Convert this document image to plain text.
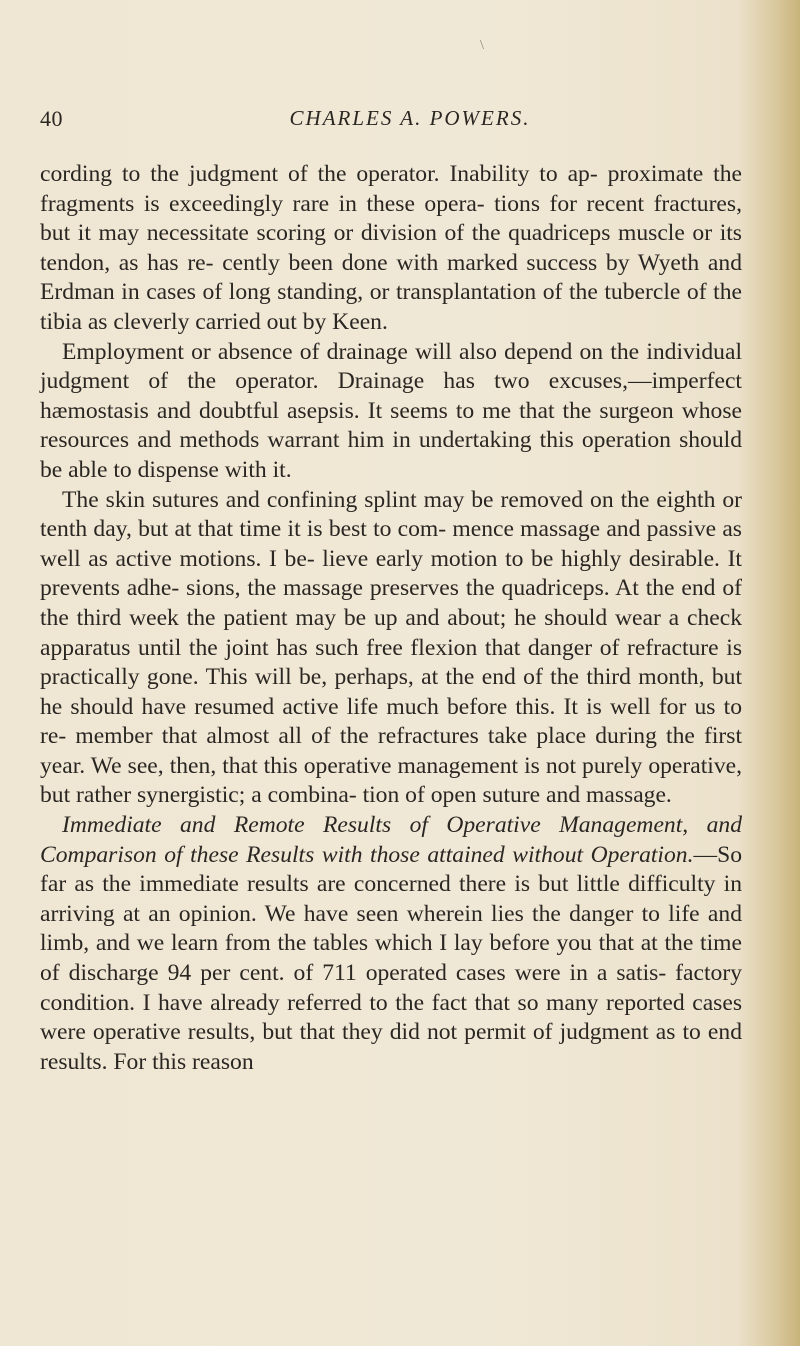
\
40	CHARLES A. POWERS.

cording to the judgment of the operator. Inability to ap- proximate the fragments is exceedingly rare in these opera- tions for recent fractures, but it may necessitate scoring or division of the quadriceps muscle or its tendon, as has re- cently been done with marked success by Wyeth and Erdman in cases of long standing, or transplantation of the tubercle of the tibia as cleverly carried out by Keen.

Employment or absence of drainage will also depend on the individual judgment of the operator. Drainage has two excuses,—imperfect hæmostasis and doubtful asepsis. It seems to me that the surgeon whose resources and methods warrant him in undertaking this operation should be able to dispense with it.

The skin sutures and confining splint may be removed on the eighth or tenth day, but at that time it is best to com- mence massage and passive as well as active motions. I be- lieve early motion to be highly desirable. It prevents adhe- sions, the massage preserves the quadriceps. At the end of the third week the patient may be up and about; he should wear a check apparatus until the joint has such free flexion that danger of refracture is practically gone. This will be, perhaps, at the end of the third month, but he should have resumed active life much before this. It is well for us to re- member that almost all of the refractures take place during the first year. We see, then, that this operative management is not purely operative, but rather synergistic; a combina- tion of open suture and massage.

Immediate and Remote Results of Operative Management, and Comparison of these Results with those attained without Operation.—So far as the immediate results are concerned there is but little difficulty in arriving at an opinion. We have seen wherein lies the danger to life and limb, and we learn from the tables which I lay before you that at the time of discharge 94 per cent. of 711 operated cases were in a satis- factory condition. I have already referred to the fact that so many reported cases were operative results, but that they did not permit of judgment as to end results. For this reason
